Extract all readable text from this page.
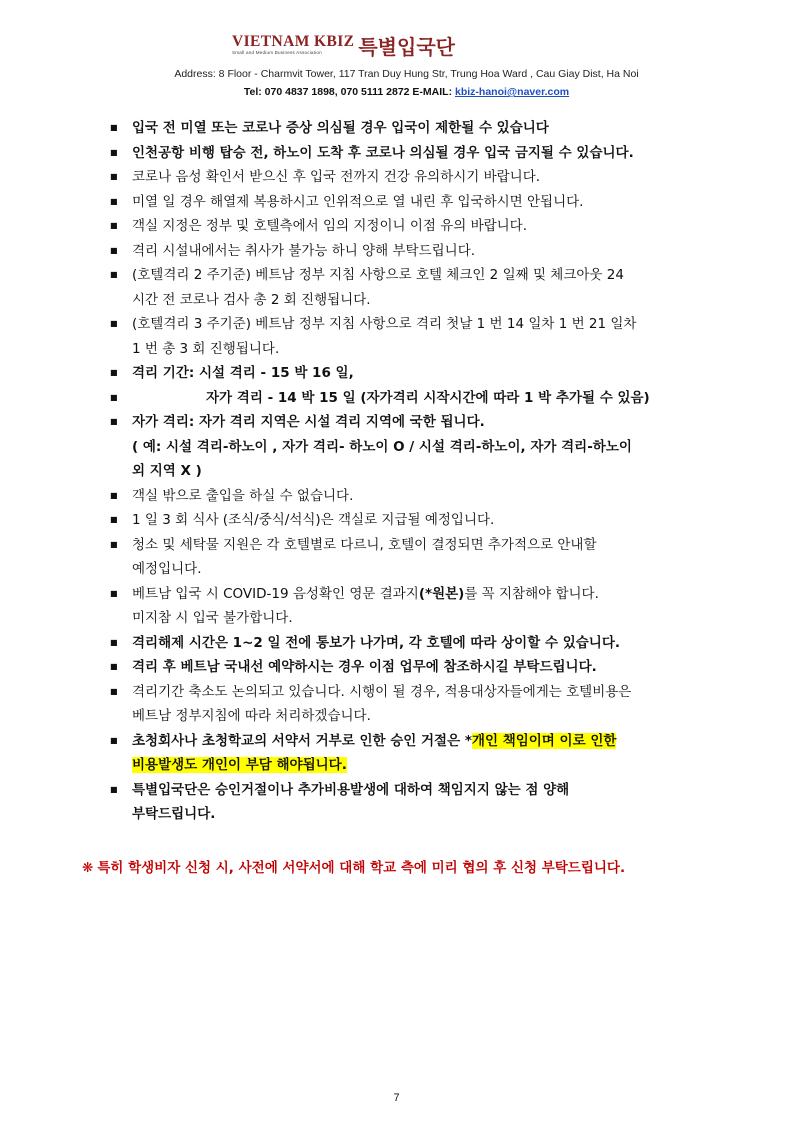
VIETNAM KBIZ
Small and Medium Business Association	특별입국단
Address: 8 Floor - Charmvit Tower, 117 Tran Duy Hung Str, Trung Hoa Ward , Cau Giay Dist, Ha Noi
Tel: 070 4837 1898, 070 5111 2872 E-MAIL: kbiz-hanoi@naver.com
■ 입국 전 미열 또는 코로나 증상 의심될 경우 입국이 제한될 수 있습니다
■ 인천공항 비행 탑승 전, 하노이 도착 후 코로나 의심될 경우 입국 금지될 수 있습니다.
■ 코로나 음성 확인서 받으신 후 입국 전까지 건강 유의하시기 바랍니다.
■ 미열 일 경우 해열제 복용하시고 인위적으로 열 내린 후 입국하시면 안됩니다.
■ 객실 지정은 정부 및 호텔측에서 임의 지정이니 이점 유의 바랍니다.
■ 격리 시설내에서는 취사가 불가능 하니 양해 부탁드립니다.
■ (호텔격리 2 주기준) 베트남 정부 지침 사항으로 호텔 체크인 2 일째 및 체크아웃 24
시간 전 코로나 검사 총 2 회 진행됩니다.
■ (호텔격리 3 주기준) 베트남 정부 지침 사항으로 격리 첫날 1 번 14 일차 1 번 21 일차
1 번 총 3 회 진행됩니다.
■ 격리 기간: 시설 격리 - 15 박 16 일,
■	자가 격리 - 14 박 15 일 (자가격리 시작시간에 따라 1 박 추가될 수 있음)
■ 자가 격리: 자가 격리 지역은 시설 격리 지역에 국한 됩니다.
( 예: 시설 격리-하노이 , 자가 격리- 하노이 O / 시설 격리-하노이, 자가 격리-하노이
외 지역 X )
■ 객실 밖으로 출입을 하실 수 없습니다.
■ 1 일 3 회 식사 (조식/중식/석식)은 객실로 지급될 예정입니다.
■ 청소 및 세탁물 지원은 각 호텔별로 다르니, 호텔이 결정되면 추가적으로 안내할
예정입니다.
■ 베트남 입국 시 COVID-19 음성확인 영문 결과지(*원본)를 꼭 지참해야 합니다.
미지참 시 입국 불가합니다.
■ 격리해제 시간은 1~2 일 전에 통보가 나가며, 각 호텔에 따라 상이할 수 있습니다.
■ 격리 후 베트남 국내선 예약하시는 경우 이점 업무에 참조하시길 부탁드립니다.
■ 격리기간 축소도 논의되고 있습니다. 시행이 될 경우, 적용대상자들에게는 호텔비용은
베트남 정부지침에 따라 처리하겠습니다.
■ 초청회사나 초청학교의 서약서 거부로 인한 승인 거절은 *개인 책임이며 이로 인한
비용발생도 개인이 부담 해야됩니다.
■ 특별입국단은 승인거절이나 추가비용발생에 대하여 책임지지 않는 점 양해
부탁드립니다.
❋ 특히 학생비자 신청 시, 사전에 서약서에 대해 학교 측에 미리 협의 후 신청 부탁드립니다.
7
